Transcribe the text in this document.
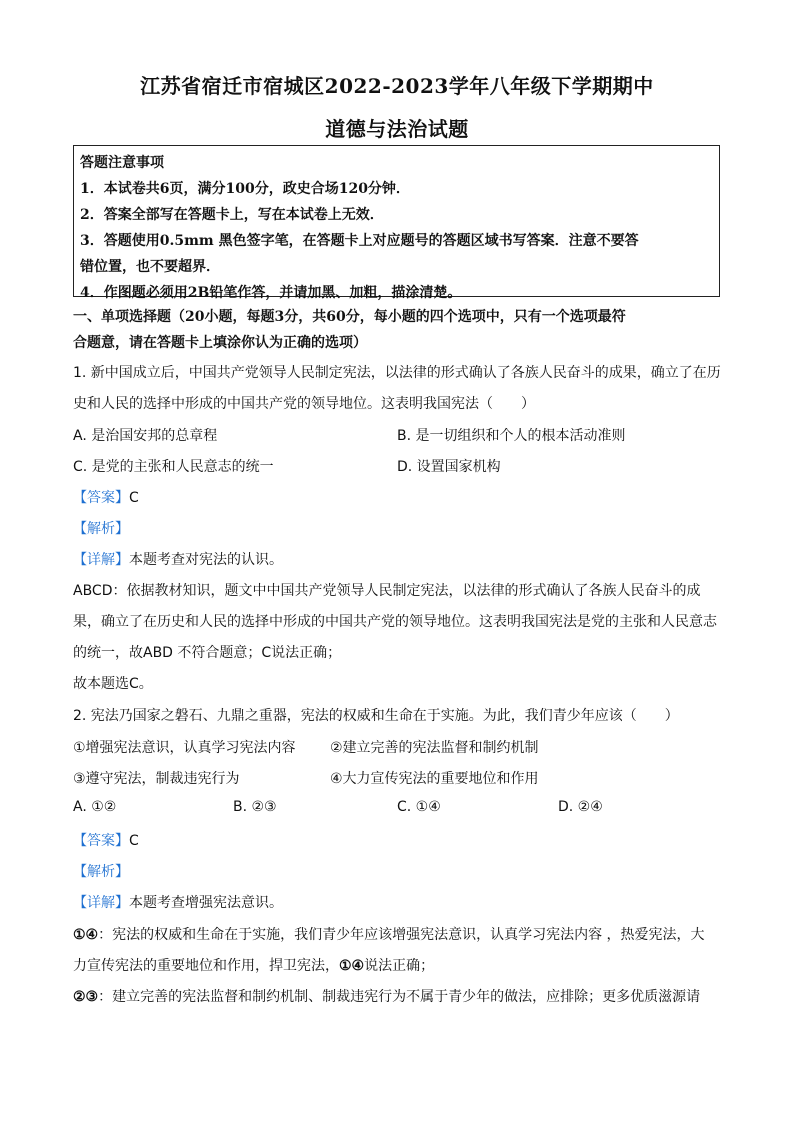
江苏省宿迁市宿城区2022-2023学年八年级下学期期中
道德与法治试题
答题注意事项
1．本试卷共6页，满分100分，政史合场120分钟．
2．答案全部写在答题卡上，写在本试卷上无效．
3．答题使用0.5mm 黑色签字笔，在答题卡上对应题号的答题区域书写答案．注意不要答
错位置，也不要超界．
4．作图题必须用2B铅笔作答，并请加黑、加粗，描涂清楚。
一、单项选择题（20小题，每题3分，共60分，每小题的四个选项中，只有一个选项最符
合题意，请在答题卡上填涂你认为正确的选项）
1. 新中国成立后，中国共产党领导人民制定宪法，以法律的形式确认了各族人民奋斗的成果，确立了在历
史和人民的选择中形成的中国共产党的领导地位。这表明我国宪法（　　）
A. 是治国安邦的总章程	B. 是一切组织和个人的根本活动准则
C. 是党的主张和人民意志的统一	D. 设置国家机构
【答案】C
【解析】
【详解】本题考查对宪法的认识。
ABCD：依据教材知识，题文中中国共产党领导人民制定宪法，以法律的形式确认了各族人民奋斗的成
果，确立了在历史和人民的选择中形成的中国共产党的领导地位。这表明我国宪法是党的主张和人民意志
的统一，故ABD 不符合题意；C说法正确；
故本题选C。
2. 宪法乃国家之磐石、九鼎之重器，宪法的权威和生命在于实施。为此，我们青少年应该（　　）
①增强宪法意识，认真学习宪法内容 ②建立完善的宪法监督和制约机制
③遵守宪法，制裁违宪行为	④大力宣传宪法的重要地位和作用
A. ①②	B. ②③	C. ①④	D. ②④
【答案】C
【解析】
【详解】本题考查增强宪法意识。
①④：宪法的权威和生命在于实施，我们青少年应该增强宪法意识，认真学习宪法内容 ，热爱宪法，大
力宣传宪法的重要地位和作用，捍卫宪法，①④说法正确；
②③：建立完善的宪法监督和制约机制、制裁违宪行为不属于青少年的做法，应排除；更多优质滋源请
